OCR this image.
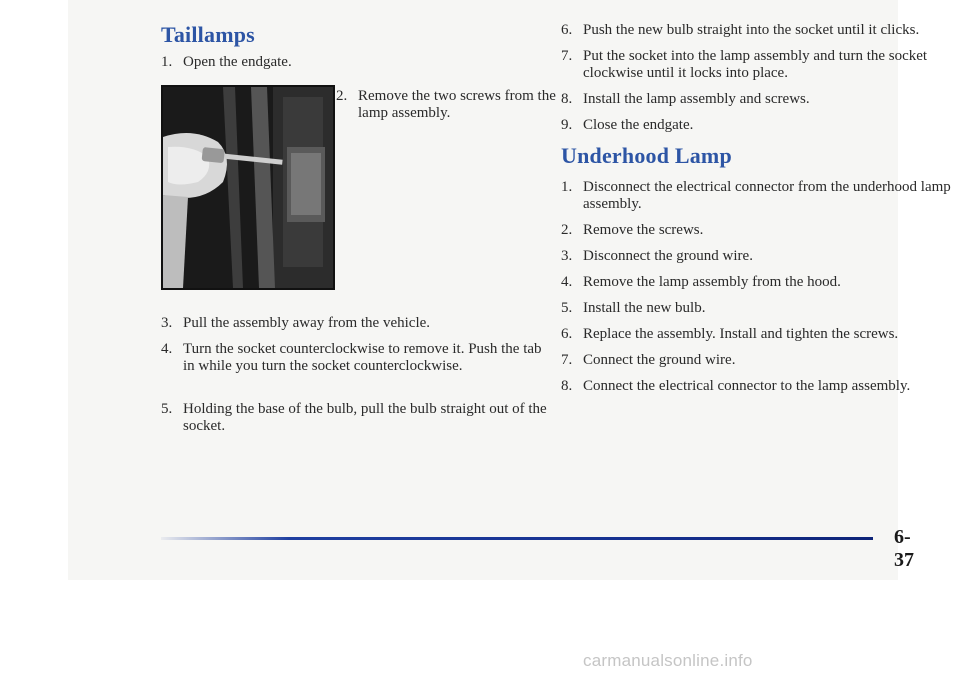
Taillamps
1. Open the endgate.
2. Remove the two screws from the lamp assembly.
3. Pull the assembly away from the vehicle.
4. Turn the socket counterclockwise to remove it. Push the tab in while you turn the socket counterclockwise.
5. Holding the base of the bulb, pull the bulb straight out of the socket.
6. Push the new bulb straight into the socket until it clicks.
7. Put the socket into the lamp assembly and turn the socket clockwise until it locks into place.
8. Install the lamp assembly and screws.
9. Close the endgate.
Underhood Lamp
1. Disconnect the electrical connector from the underhood lamp assembly.
2. Remove the screws.
3. Disconnect the ground wire.
4. Remove the lamp assembly from the hood.
5. Install the new bulb.
6. Replace the assembly. Install and tighten the screws.
7. Connect the ground wire.
8. Connect the electrical connector to the lamp assembly.
6-37
carmanualsonline.info
